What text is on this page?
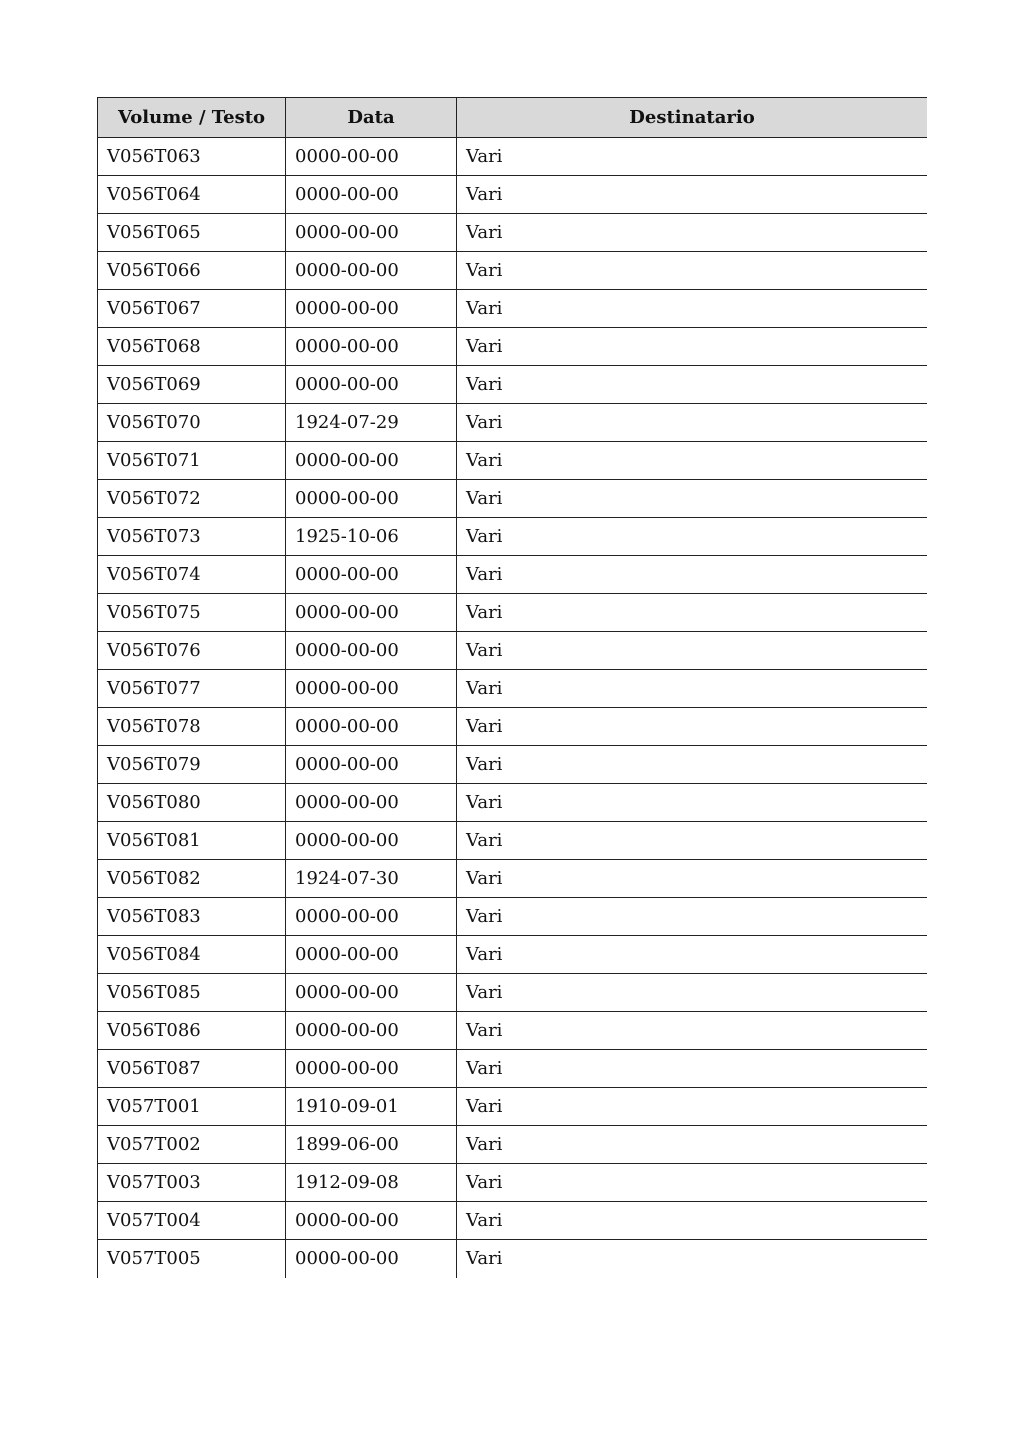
Volume / Testo	Data	Destinatario
V056T063	0000-00-00	Vari
V056T064	0000-00-00	Vari
V056T065	0000-00-00	Vari
V056T066	0000-00-00	Vari
V056T067	0000-00-00	Vari
V056T068	0000-00-00	Vari
V056T069	0000-00-00	Vari
V056T070	1924-07-29	Vari
V056T071	0000-00-00	Vari
V056T072	0000-00-00	Vari
V056T073	1925-10-06	Vari
V056T074	0000-00-00	Vari
V056T075	0000-00-00	Vari
V056T076	0000-00-00	Vari
V056T077	0000-00-00	Vari
V056T078	0000-00-00	Vari
V056T079	0000-00-00	Vari
V056T080	0000-00-00	Vari
V056T081	0000-00-00	Vari
V056T082	1924-07-30	Vari
V056T083	0000-00-00	Vari
V056T084	0000-00-00	Vari
V056T085	0000-00-00	Vari
V056T086	0000-00-00	Vari
V056T087	0000-00-00	Vari
V057T001	1910-09-01	Vari
V057T002	1899-06-00	Vari
V057T003	1912-09-08	Vari
V057T004	0000-00-00	Vari
V057T005	0000-00-00	Vari
